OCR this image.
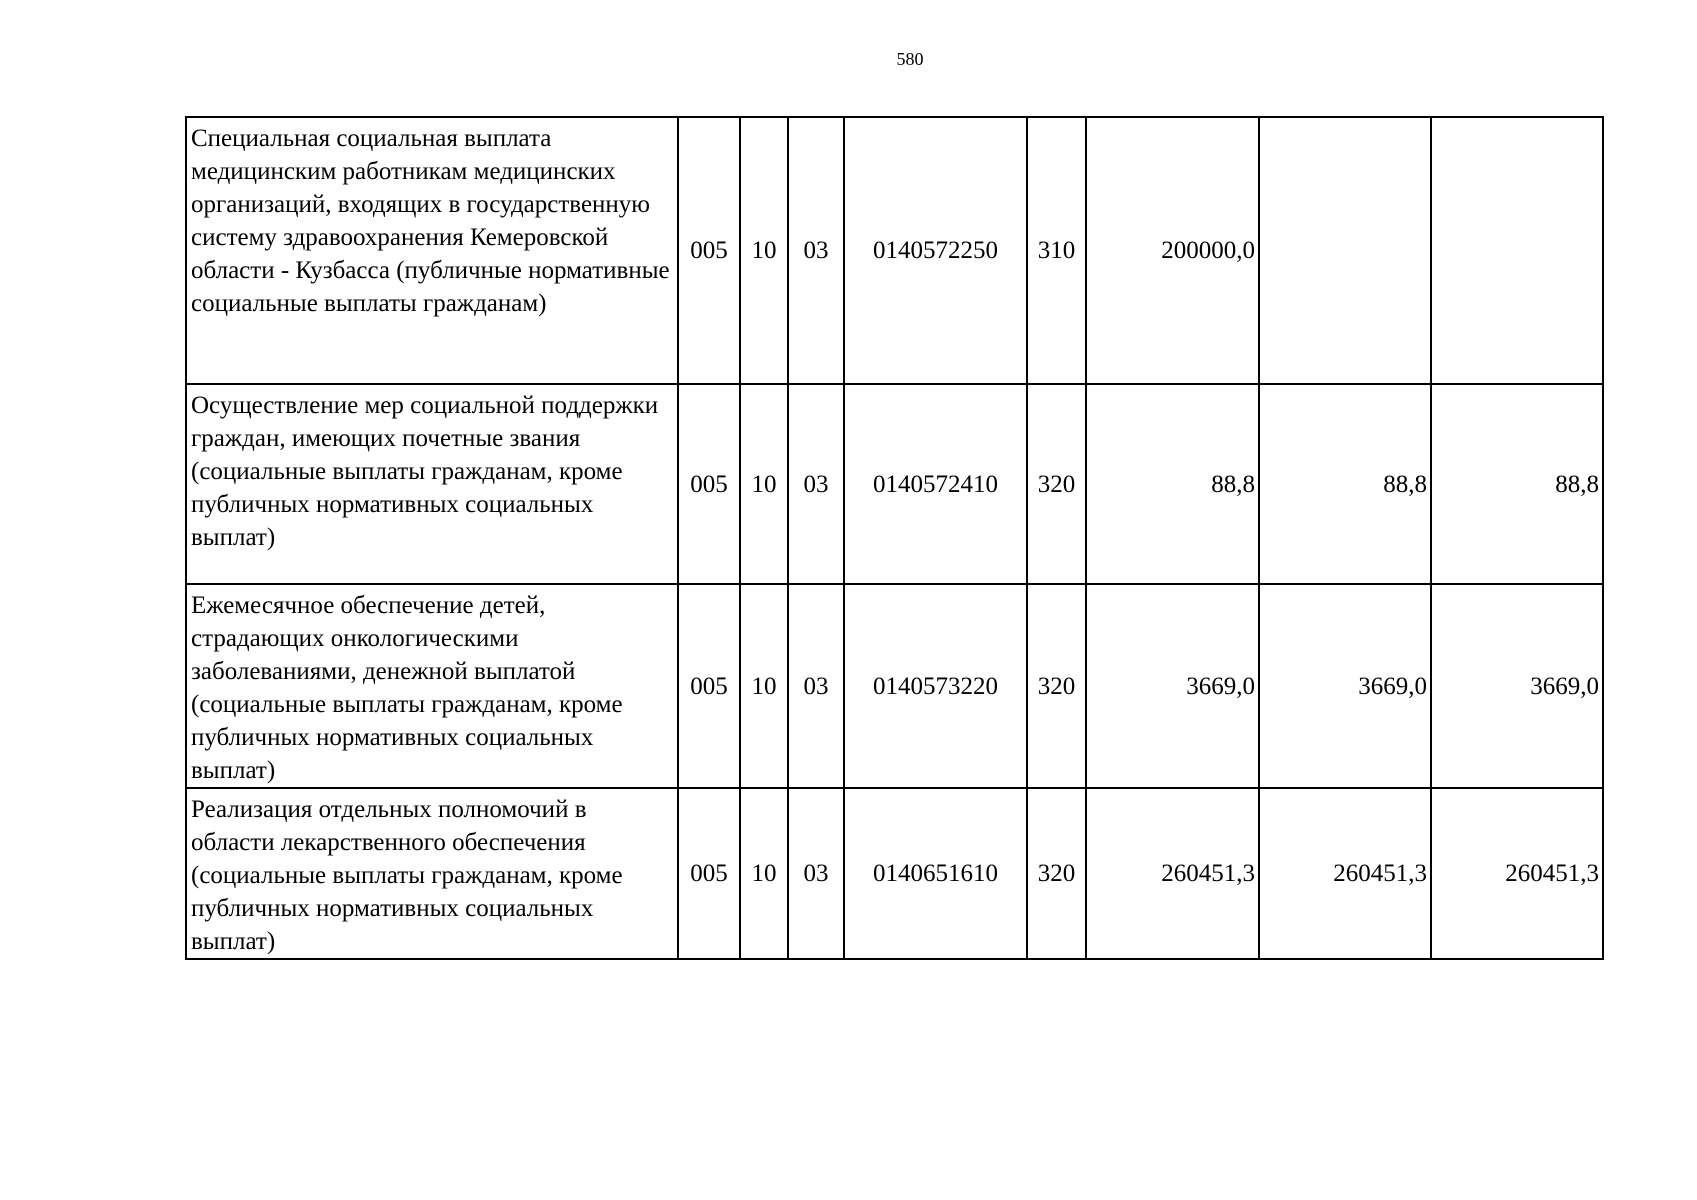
580
Специальная социальная выплата медицинским работникам медицинских организаций, входящих в государственную систему здравоохранения Кемеровской области - Кузбасса (публичные нормативные социальные выплаты гражданам)	005	10	03	0140572250	310	200000,0		
Осуществление мер социальной поддержки граждан, имеющих почетные звания (социальные выплаты гражданам, кроме публичных нормативных социальных выплат)	005	10	03	0140572410	320	88,8	88,8	88,8
Ежемесячное обеспечение детей, страдающих онкологическими заболеваниями, денежной выплатой (социальные выплаты гражданам, кроме публичных нормативных социальных выплат)	005	10	03	0140573220	320	3669,0	3669,0	3669,0
Реализация отдельных полномочий в области лекарственного обеспечения (социальные выплаты гражданам, кроме публичных нормативных социальных выплат)	005	10	03	0140651610	320	260451,3	260451,3	260451,3
